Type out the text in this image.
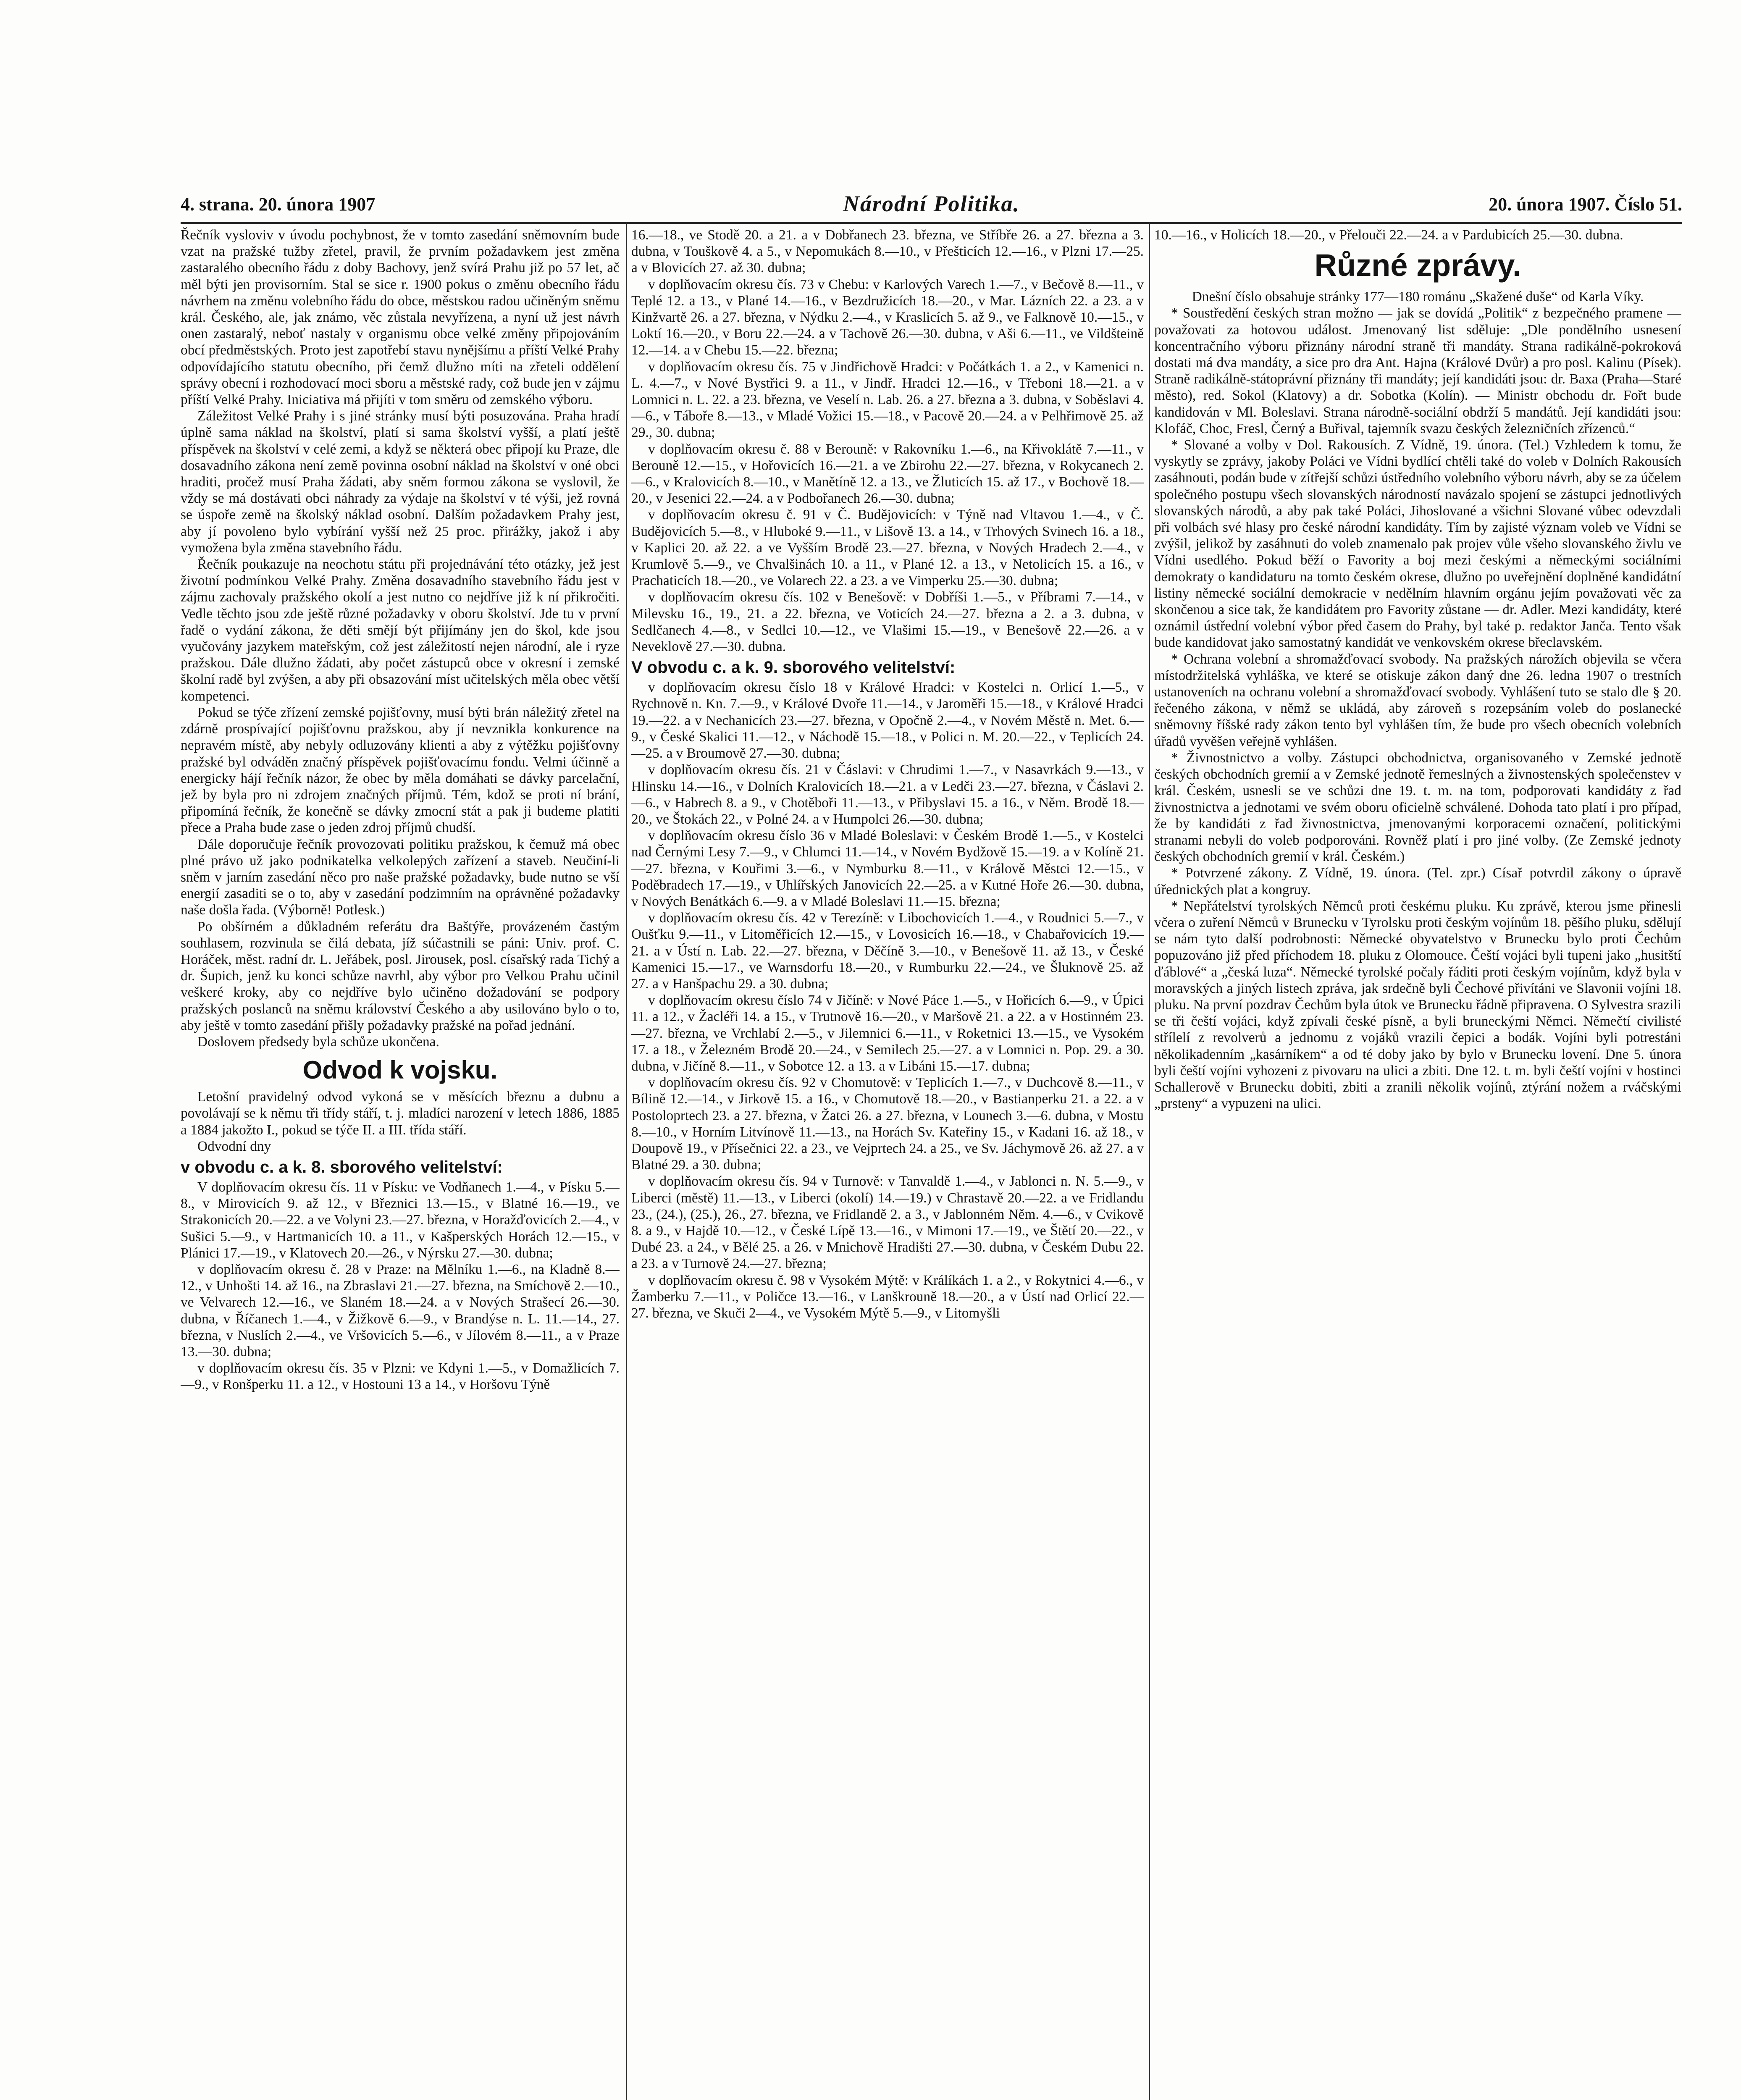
4. strana. 20. února 1907	Národní Politika.	20. února 1907. Číslo 51.

Řečník vysloviv v úvodu pochybnost, že v tomto zasedání sněmovním bude vzat na pražské tužby zřetel, pravil, že prvním požadavkem jest změna zastaralého obecního řádu z doby Bachovy, jenž svírá Prahu již po 57 let, ač měl býti jen provisorním. Stal se sice r. 1900 pokus o změnu obecního řádu návrhem na změnu volebního řádu do obce, městskou radou učiněným sněmu král. Českého, ale, jak známo, věc zůstala nevyřízena, a nyní už jest návrh onen zastaralý, neboť nastaly v organismu obce velké změny připojováním obcí předměstských. Proto jest zapotřebí stavu nynějšímu a příští Velké Prahy odpovídajícího statutu obecního, při čemž dlužno míti na zřeteli oddělení správy obecní i rozhodovací moci sboru a městské rady, což bude jen v zájmu příští Velké Prahy. Iniciativa má přijíti v tom směru od zemského výboru.

Záležitost Velké Prahy i s jiné stránky musí býti posuzována. Praha hradí úplně sama náklad na školství, platí si sama školství vyšší, a platí ještě příspěvek na školství v celé zemi, a když se některá obec připojí ku Praze, dle dosavadního zákona není země povinna osobní náklad na školství v oné obci hraditi, pročež musí Praha žádati, aby sněm formou zákona se vyslovil, že vždy se má dostávati obci náhrady za výdaje na školství v té výši, jež rovná se úspoře země na školský náklad osobní. Dalším požadavkem Prahy jest, aby jí povoleno bylo vybírání vyšší než 25 proc. přirážky, jakož i aby vymožena byla změna stavebního řádu.

Řečník poukazuje na neochotu státu při projednávání této otázky, jež jest životní podmínkou Velké Prahy. Změna dosavadního stavebního řádu jest v zájmu zachovaly pražského okolí a jest nutno co nejdříve již k ní přikročiti. Vedle těchto jsou zde ještě různé požadavky v oboru školství. Jde tu v první řadě o vydání zákona, že děti smějí být přijímány jen do škol, kde jsou vyučovány jazykem mateřským, což jest záležitostí nejen národní, ale i ryze pražskou. Dále dlužno žádati, aby počet zástupců obce v okresní i zemské školní radě byl zvýšen, a aby při obsazování míst učitelských měla obec větší kompetenci.

Pokud se týče zřízení zemské pojišťovny, musí býti brán náležitý zřetel na zdárně prospívající pojišťovnu pražskou, aby jí nevznikla konkurence na nepravém místě, aby nebyly odluzovány klienti a aby z výtěžku pojišťovny pražské byl odváděn značný příspěvek pojišťovacímu fondu. Velmi účinně a energicky hájí řečník názor, že obec by měla domáhati se dávky parcelační, jež by byla pro ni zdrojem značných příjmů. Tém, kdož se proti ní brání, připomíná řečník, že konečně se dávky zmocní stát a pak ji budeme platiti přece a Praha bude zase o jeden zdroj příjmů chudší.

Dále doporučuje řečník provozovati politiku pražskou, k čemuž má obec plné právo už jako podnikatelka velkolepých zařízení a staveb. Neučiní-li sněm v jarním zasedání něco pro naše pražské požadavky, bude nutno se vší energií zasaditi se o to, aby v zasedání podzimním na oprávněné požadavky naše došla řada. (Výborně! Potlesk.)

Po obšírném a důkladném referátu dra Baštýře, provázeném častým souhlasem, rozvinula se čilá debata, jíž súčastnili se páni: Univ. prof. C. Horáček, měst. radní dr. L. Jeřábek, posl. Jirousek, posl. císařský rada Tichý a dr. Šupich, jenž ku konci schůze navrhl, aby výbor pro Velkou Prahu učinil veškeré kroky, aby co nejdříve bylo učiněno dožadování se podpory pražských poslanců na sněmu království Českého a aby usilováno bylo o to, aby ještě v tomto zasedání přišly požadavky pražské na pořad jednání.

Doslovem předsedy byla schůze ukončena.

Odvod k vojsku.

Letošní pravidelný odvod vykoná se v měsících březnu a dubnu a povolávají se k němu tři třídy stáří, t. j. mladíci narození v letech 1886, 1885 a 1884 jakožto I., pokud se týče II. a III. třída stáří.

Odvodní dny

v obvodu c. a k. 8. sborového velitelství:

V doplňovacím okresu čís. 11 v Písku: ve Vodňanech 1.—4., v Písku 5.—8., v Mirovicích 9. až 12., v Březnici 13.—15., v Blatné 16.—19., ve Strakonicích 20.—22. a ve Volyni 23.—27. března, v Horažďovicích 2.—4., v Sušici 5.—9., v Hartmanicích 10. a 11., v Kašperských Horách 12.—15., v Plánici 17.—19., v Klatovech 20.—26., v Nýrsku 27.—30. dubna;

v doplňovacím okresu č. 28 v Praze: na Mělníku 1.—6., na Kladně 8.—12., v Unhošti 14. až 16., na Zbraslavi 21.—27. března, na Smíchově 2.—10., ve Velvarech 12.—16., ve Slaném 18.—24. a v Nových Strašecí 26.—30. dubna, v Říčanech 1.—4., v Žižkově 6.—9., v Brandýse n. L. 11.—14., 27. března, v Nuslích 2.—4., ve Vršovicích 5.—6., v Jílovém 8.—11., a v Praze 13.—30. dubna;

v doplňovacím okresu čís. 35 v Plzni: ve Kdyni 1.—5., v Domažlicích 7.—9., v Ronšperku 11. a 12., v Hostouni 13 a 14., v Horšovu Týně

16.—18., ve Stodě 20. a 21. a v Dobřanech 23. března, ve Stříbře 26. a 27. března a 3. dubna, v Touškově 4. a 5., v Nepomukách 8.—10., v Přešticích 12.—16., v Plzni 17.—25. a v Blovicích 27. až 30. dubna;

v doplňovacím okresu čís. 73 v Chebu: v Karlových Varech 1.—7., v Bečově 8.—11., v Teplé 12. a 13., v Plané 14.—16., v Bezdružicích 18.—20., v Mar. Lázních 22. a 23. a v Kinžvartě 26. a 27. března, v Nýdku 2.—4., v Kraslicích 5. až 9., ve Falknově 10.—15., v Loktí 16.—20., v Boru 22.—24. a v Tachově 26.—30. dubna, v Aši 6.—11., ve Vildšteině 12.—14. a v Chebu 15.—22. března;

v doplňovacím okresu čís. 75 v Jindřichově Hradci: v Počátkách 1. a 2., v Kamenici n. L. 4.—7., v Nové Bystřici 9. a 11., v Jindř. Hradci 12.—16., v Třeboni 18.—21. a v Lomnici n. L. 22. a 23. března, ve Veselí n. Lab. 26. a 27. března a 3. dubna, v Soběslavi 4.—6., v Táboře 8.—13., v Mladé Vožici 15.—18., v Pacově 20.—24. a v Pelhřimově 25. až 29., 30. dubna;

v doplňovacím okresu č. 88 v Berouně: v Rakovníku 1.—6., na Křivoklátě 7.—11., v Berouně 12.—15., v Hořovicích 16.—21. a ve Zbirohu 22.—27. března, v Rokycanech 2.—6., v Kralovicích 8.—10., v Manětíně 12. a 13., ve Žluticích 15. až 17., v Bochově 18.—20., v Jesenici 22.—24. a v Podbořanech 26.—30. dubna;

v doplňovacím okresu č. 91 v Č. Budějovicích: v Týně nad Vltavou 1.—4., v Č. Budějovicích 5.—8., v Hluboké 9.—11., v Lišově 13. a 14., v Trhových Svinech 16. a 18., v Kaplici 20. až 22. a ve Vyšším Brodě 23.—27. března, v Nových Hradech 2.—4., v Krumlově 5.—9., ve Chvalšinách 10. a 11., v Plané 12. a 13., v Netolicích 15. a 16., v Prachaticích 18.—20., ve Volarech 22. a 23. a ve Vimperku 25.—30. dubna;

v doplňovacím okresu čís. 102 v Benešově: v Dobříši 1.—5., v Příbrami 7.—14., v Milevsku 16., 19., 21. a 22. března, ve Voticích 24.—27. března a 2. a 3. dubna, v Sedlčanech 4.—8., v Sedlci 10.—12., ve Vlašimi 15.—19., v Benešově 22.—26. a v Neveklově 27.—30. dubna.

V obvodu c. a k. 9. sborového velitelství:

v doplňovacím okresu číslo 18 v Králové Hradci: v Kostelci n. Orlicí 1.—5., v Rychnově n. Kn. 7.—9., v Králové Dvoře 11.—14., v Jaroměři 15.—18., v Králové Hradci 19.—22. a v Nechanicích 23.—27. března, v Opočně 2.—4., v Novém Městě n. Met. 6.—9., v České Skalici 11.—12., v Náchodě 15.—18., v Polici n. M. 20.—22., v Teplicích 24.—25. a v Broumově 27.—30. dubna;

v doplňovacím okresu čís. 21 v Čáslavi: v Chrudimi 1.—7., v Nasavrkách 9.—13., v Hlinsku 14.—16., v Dolních Kralovicích 18.—21. a v Ledči 23.—27. března, v Čáslavi 2.—6., v Habrech 8. a 9., v Chotěboři 11.—13., v Přibyslavi 15. a 16., v Něm. Brodě 18.—20., ve Štokách 22., v Polné 24. a v Humpolci 26.—30. dubna;

v doplňovacím okresu číslo 36 v Mladé Boleslavi: v Českém Brodě 1.—5., v Kostelci nad Černými Lesy 7.—9., v Chlumci 11.—14., v Novém Bydžově 15.—19. a v Kolíně 21.—27. března, v Kouřimi 3.—6., v Nymburku 8.—11., v Králově Městci 12.—15., v Poděbradech 17.—19., v Uhlířských Janovicích 22.—25. a v Kutné Hoře 26.—30. dubna, v Nových Benátkách 6.—9. a v Mladé Boleslavi 11.—15. března;

v doplňovacím okresu čís. 42 v Terezíně: v Libochovicích 1.—4., v Roudnici 5.—7., v Oušťku 9.—11., v Litoměřicích 12.—15., v Lovosicích 16.—18., v Chabařovicích 19.—21. a v Ústí n. Lab. 22.—27. března, v Děčíně 3.—10., v Benešově 11. až 13., v České Kamenici 15.—17., ve Warnsdorfu 18.—20., v Rumburku 22.—24., ve Šluknově 25. až 27. a v Hanšpachu 29. a 30. dubna;

v doplňovacím okresu číslo 74 v Jičíně: v Nové Páce 1.—5., v Hořicích 6.—9., v Úpici 11. a 12., v Žacléři 14. a 15., v Trutnově 16.—20., v Maršově 21. a 22. a v Hostinném 23.—27. března, ve Vrchlabí 2.—5., v Jilemnici 6.—11., v Roketnici 13.—15., ve Vysokém 17. a 18., v Železném Brodě 20.—24., v Semilech 25.—27. a v Lomnici n. Pop. 29. a 30. dubna, v Jičíně 8.—11., v Sobotce 12. a 13. a v Libáni 15.—17. dubna;

v doplňovacím okresu čís. 92 v Chomutově: v Teplicích 1.—7., v Duchcově 8.—11., v Bílině 12.—14., v Jirkově 15. a 16., v Chomutově 18.—20., v Bastianperku 21. a 22. a v Postoloprtech 23. a 27. března, v Žatci 26. a 27. března, v Lounech 3.—6. dubna, v Mostu 8.—10., v Horním Litvínově 11.—13., na Horách Sv. Kateřiny 15., v Kadani 16. až 18., v Doupově 19., v Přísečnici 22. a 23., ve Vejprtech 24. a 25., ve Sv. Jáchymově 26. až 27. a v Blatné 29. a 30. dubna;

v doplňovacím okresu čís. 94 v Turnově: v Tanvaldě 1.—4., v Jablonci n. N. 5.—9., v Liberci (městě) 11.—13., v Liberci (okolí) 14.—19.) v Chrastavě 20.—22. a ve Fridlandu 23., (24.), (25.), 26., 27. března, ve Fridlandě 2. a 3., v Jablonném Něm. 4.—6., v Cvikově 8. a 9., v Hajdě 10.—12., v České Lípě 13.—16., v Mimoni 17.—19., ve Štětí 20.—22., v Dubé 23. a 24., v Bělé 25. a 26. v Mnichově Hradišti 27.—30. dubna, v Českém Dubu 22. a 23. a v Turnově 24.—27. března;

v doplňovacím okresu č. 98 v Vysokém Mýtě: v Králíkách 1. a 2., v Rokytnici 4.—6., v Žamberku 7.—11., v Poličce 13.—16., v Lanškrouně 18.—20., a v Ústí nad Orlicí 22.—27. března, ve Skuči 2—4., ve Vysokém Mýtě 5.—9., v Litomyšli

10.—16., v Holicích 18.—20., v Přelouči 22.—24. a v Pardubicích 25.—30. dubna.

Různé zprávy.

Dnešní číslo obsahuje stránky 177—180 románu „Skažené duše“ od Karla Víky.

* Soustředění českých stran možno — jak se dovídá „Politik“ z bezpečného pramene — považovati za hotovou událost. Jmenovaný list sděluje: „Dle pondělního usnesení koncentračního výboru přiznány národní straně tři mandáty. Strana radikálně-pokroková dostati má dva mandáty, a sice pro dra Ant. Hajna (Králové Dvůr) a pro posl. Kalinu (Písek). Straně radikálně-státoprávní přiznány tři mandáty; její kandidáti jsou: dr. Baxa (Praha—Staré město), red. Sokol (Klatovy) a dr. Sobotka (Kolín). — Ministr obchodu dr. Fořt bude kandidován v Ml. Boleslavi. Strana národně-sociální obdrží 5 mandátů. Její kandidáti jsou: Klofáč, Choc, Fresl, Černý a Buřival, tajemník svazu českých železničních zřízenců.“

* Slované a volby v Dol. Rakousích. Z Vídně, 19. února. (Tel.) Vzhledem k tomu, že vyskytly se zprávy, jakoby Poláci ve Vídni bydlící chtěli také do voleb v Dolních Rakousích zasáhnouti, podán bude v zítřejší schůzi ústředního volebního výboru návrh, aby se za účelem společného postupu všech slovanských národností navázalo spojení se zástupci jednotlivých slovanských národů, a aby pak také Poláci, Jihoslované a všichni Slované vůbec odevzdali při volbách své hlasy pro české národní kandidáty. Tím by zajisté význam voleb ve Vídni se zvýšil, jelikož by zasáhnuti do voleb znamenalo pak projev vůle všeho slovanského živlu ve Vídni usedlého. Pokud běží o Favority a boj mezi českými a německými sociálními demokraty o kandidaturu na tomto českém okrese, dlužno po uveřejnění doplněné kandidátní listiny německé sociální demokracie v nedělním hlavním orgánu jejím považovati věc za skončenou a sice tak, že kandidátem pro Favority zůstane — dr. Adler. Mezi kandidáty, které oznámil ústřední volební výbor před časem do Prahy, byl také p. redaktor Janča. Tento však bude kandidovat jako samostatný kandidát ve venkovském okrese břeclavském.

* Ochrana volební a shromažďovací svobody. Na pražských nárožích objevila se včera místodržitelská vyhláška, ve které se otiskuje zákon daný dne 26. ledna 1907 o trestních ustanoveních na ochranu volební a shromažďovací svobody. Vyhlášení tuto se stalo dle § 20. řečeného zákona, v němž se ukládá, aby zároveň s rozepsáním voleb do poslanecké sněmovny říšské rady zákon tento byl vyhlášen tím, že bude pro všech obecních volebních úřadů vyvěšen veřejně vyhlášen.

* Živnostnictvo a volby. Zástupci obchodnictva, organisovaného v Zemské jednotě českých obchodních gremií a v Zemské jednotě řemeslných a živnostenských společenstev v král. Českém, usnesli se ve schůzi dne 19. t. m. na tom, podporovati kandidáty z řad živnostnictva a jednotami ve svém oboru oficielně schválené. Dohoda tato platí i pro případ, že by kandidáti z řad živnostnictva, jmenovanými korporacemi označení, politickými stranami nebyli do voleb podporováni. Rovněž platí i pro jiné volby. (Ze Zemské jednoty českých obchodních gremií v král. Českém.)

* Potvrzené zákony. Z Vídně, 19. února. (Tel. zpr.) Císař potvrdil zákony o úpravě úřednických plat a kongruy.

* Nepřátelství tyrolských Němců proti českému pluku. Ku zprávě, kterou jsme přinesli včera o zuření Němců v Brunecku v Tyrolsku proti českým vojínům 18. pěšího pluku, sdělují se nám tyto další podrobnosti: Německé obyvatelstvo v Brunecku bylo proti Čechům popuzováno již před příchodem 18. pluku z Olomouce. Čeští vojáci byli tupeni jako „husitští ďáblové“ a „česká luza“. Německé tyrolské počaly řáditi proti českým vojínům, když byla v moravských a jiných listech zpráva, jak srdečně byli Čechové přivítáni ve Slavonii vojíni 18. pluku. Na první pozdrav Čechům byla útok ve Brunecku řádně připravena. O Sylvestra srazili se tři čeští vojáci, když zpívali české písně, a byli bruneckými Němci. Němečtí civilisté střílelí z revolverů a jednomu z vojáků vrazili čepici a bodák. Vojíni byli potrestáni několikadenním „kasárníkem“ a od té doby jako by bylo v Brunecku lovení. Dne 5. února byli čeští vojíni vyhozeni z pivovaru na ulici a zbiti. Dne 12. t. m. byli čeští vojíni v hostinci Schallerově v Brunecku dobiti, zbiti a zranili několik vojínů, ztýrání nožem a rváčskými „prsteny“ a vypuzeni na ulici.
